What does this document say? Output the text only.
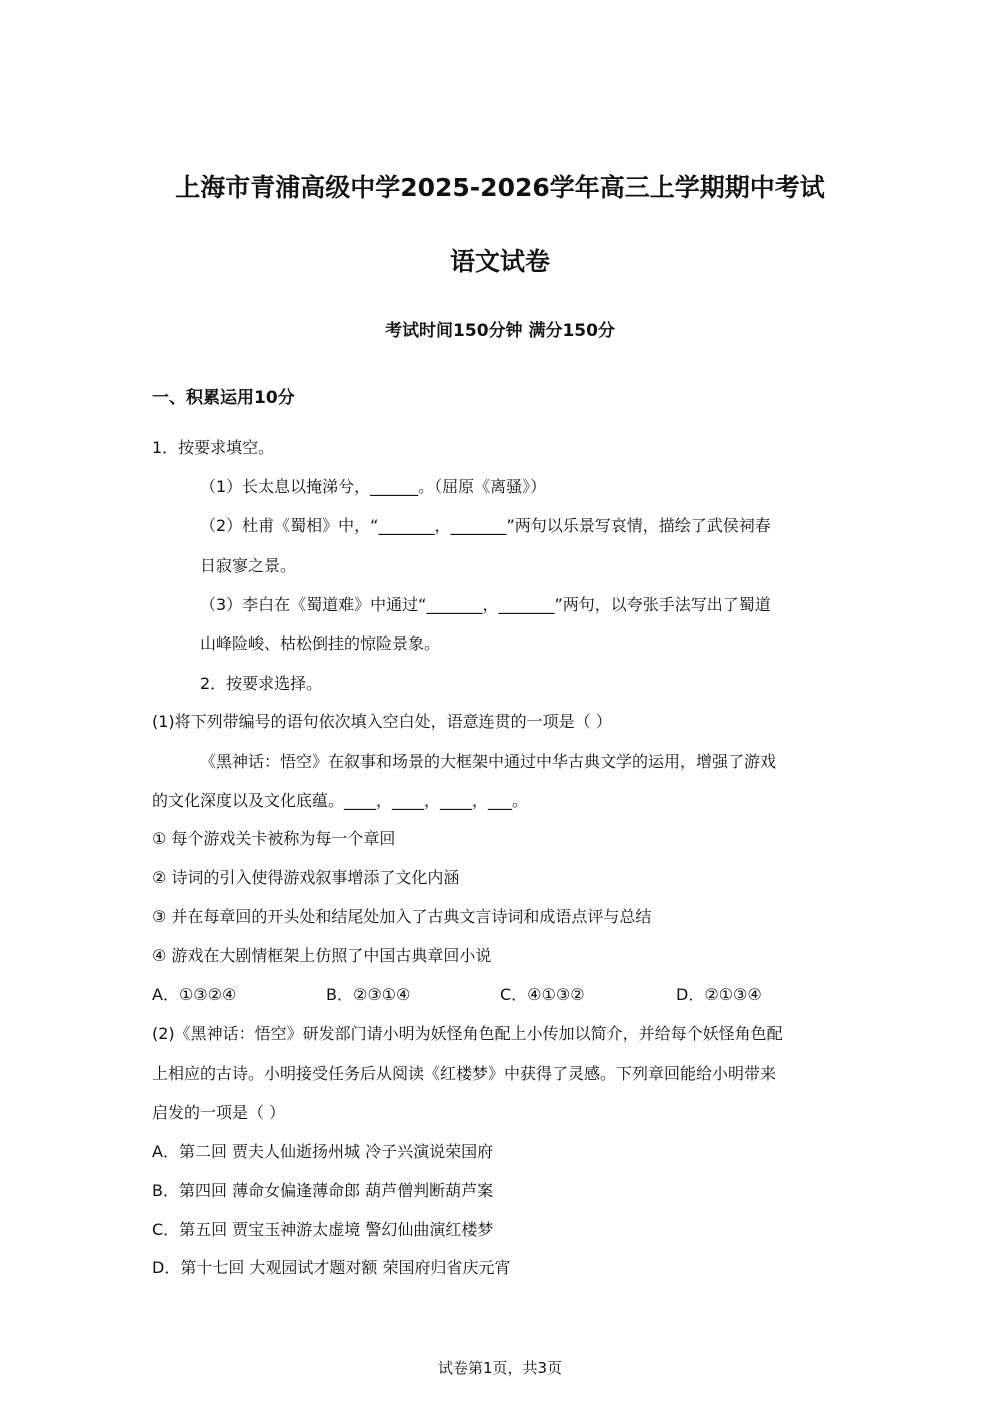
上海市青浦高级中学2025-2026学年高三上学期期中考试
语文试卷
考试时间150分钟 满分150分
一、积累运用10分
1．按要求填空。
（1）长太息以掩涕兮，______。（屈原《离骚》）
（2）杜甫《蜀相》中，“_______，_______”两句以乐景写哀情，描绘了武侯祠春
日寂寥之景。
（3）李白在《蜀道难》中通过“_______，_______”两句，以夸张手法写出了蜀道
山峰险峻、枯松倒挂的惊险景象。
2．按要求选择。
(1)将下列带编号的语句依次填入空白处，语意连贯的一项是（ ）
《黑神话：悟空》在叙事和场景的大框架中通过中华古典文学的运用，增强了游戏
的文化深度以及文化底蕴。____，____，____，___。
① 每个游戏关卡被称为每一个章回
② 诗词的引入使得游戏叙事增添了文化内涵
③ 并在每章回的开头处和结尾处加入了古典文言诗词和成语点评与总结
④ 游戏在大剧情框架上仿照了中国古典章回小说
A．①③②④	B．②③①④	C．④①③②	D．②①③④
(2)《黑神话：悟空》研发部门请小明为妖怪角色配上小传加以简介，并给每个妖怪角色配
上相应的古诗。小明接受任务后从阅读《红楼梦》中获得了灵感。下列章回能给小明带来
启发的一项是（ ）
A．第二回 贾夫人仙逝扬州城 冷子兴演说荣国府
B．第四回 薄命女偏逢薄命郎 葫芦僧判断葫芦案
C．第五回 贾宝玉神游太虚境 警幻仙曲演红楼梦
D．第十七回 大观园试才题对额 荣国府归省庆元宵
试卷第1页，共3页
